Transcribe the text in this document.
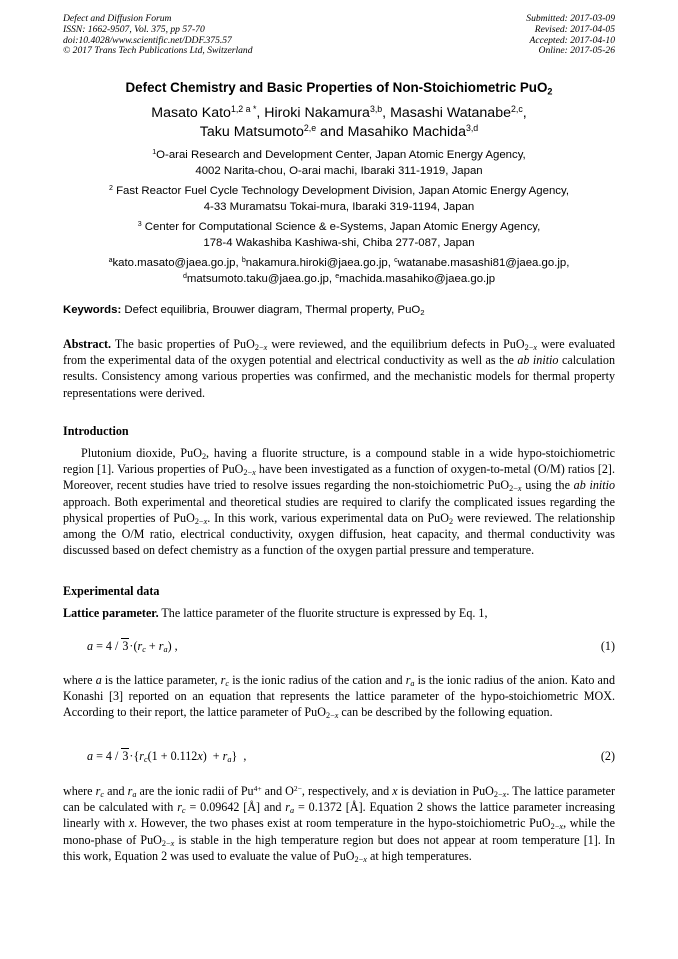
Defect and Diffusion Forum
ISSN: 1662-9507, Vol. 375, pp 57-70
doi:10.4028/www.scientific.net/DDF.375.57
© 2017 Trans Tech Publications Ltd, Switzerland
Submitted: 2017-03-09
Revised: 2017-04-05
Accepted: 2017-04-10
Online: 2017-05-26
Defect Chemistry and Basic Properties of Non-Stoichiometric PuO$_2$
Masato Kato$^{1,2 a *}$, Hiroki Nakamura$^{3,b}$, Masashi Watanabe$^{2,c}$,
Taku Matsumoto$^{2,e}$ and Masahiko Machida$^{3,d}$
$^1$O-arai Research and Development Center, Japan Atomic Energy Agency,
4002 Narita-chou, O-arai machi, Ibaraki 311-1919, Japan
$^2$ Fast Reactor Fuel Cycle Technology Development Division, Japan Atomic Energy Agency,
4-33 Muramatsu Tokai-mura, Ibaraki 319-1194, Japan
$^3$ Center for Computational Science & e-Systems, Japan Atomic Energy Agency,
178-4 Wakashiba Kashiwa-shi, Chiba 277-087, Japan
$^a$kato.masato@jaea.go.jp, $^b$nakamura.hiroki@jaea.go.jp, $^c$watanabe.masashi81@jaea.go.jp,
$^d$matsumoto.taku@jaea.go.jp, $^e$machida.masahiko@jaea.go.jp
Keywords: Defect equilibria, Brouwer diagram, Thermal property, PuO$_2$
Abstract. The basic properties of PuO$_{2-x}$ were reviewed, and the equilibrium defects in PuO$_{2-x}$ were evaluated from the experimental data of the oxygen potential and electrical conductivity as well as the ab initio calculation results. Consistency among various properties was confirmed, and the mechanistic models for thermal property representations were derived.
Introduction
Plutonium dioxide, PuO$_2$, having a fluorite structure, is a compound stable in a wide hypo-stoichiometric region [1]. Various properties of PuO$_{2-x}$ have been investigated as a function of oxygen-to-metal (O/M) ratios [2]. Moreover, recent studies have tried to resolve issues regarding the non-stoichiometric PuO$_{2-x}$ using the ab initio approach. Both experimental and theoretical studies are required to clarify the complicated issues regarding the physical properties of PuO$_{2-x}$. In this work, various experimental data on PuO$_2$ were reviewed. The relationship among the O/M ratio, electrical conductivity, oxygen diffusion, heat capacity, and thermal conductivity was discussed based on defect chemistry as a function of the oxygen partial pressure and temperature.
Experimental data
Lattice parameter. The lattice parameter of the fluorite structure is expressed by Eq. 1,
$a = 4 / 3\cdot(r_c + r_a)$ ,	(1)
where a is the lattice parameter, $r_c$ is the ionic radius of the cation and $r_a$ is the ionic radius of the anion. Kato and Konashi [3] reported on an equation that represents the lattice parameter of the hypo-stoichiometric MOX. According to their report, the lattice parameter of PuO$_{2-x}$ can be described by the following equation.
$a = 4 / 3\cdot\{r_c(1 + 0.112x) + r_a\}$  ,	(2)
where $r_c$ and $r_a$ are the ionic radii of $Pu^{4+}$ and $O^{2-}$, respectively, and x is deviation in PuO$_{2-x}$. The lattice parameter can be calculated with $r_c = 0.09642$ [Å] and $r_a = 0.1372$ [Å]. Equation 2 shows the lattice parameter increasing linearly with x. However, the two phases exist at room temperature in the hypo-stoichiometric PuO$_{2-x}$, while the mono-phase of PuO$_{2-x}$ is stable in the high temperature region but does not appear at room temperature [1]. In this work, Equation 2 was used to evaluate the value of PuO$_{2-x}$ at high temperatures.
